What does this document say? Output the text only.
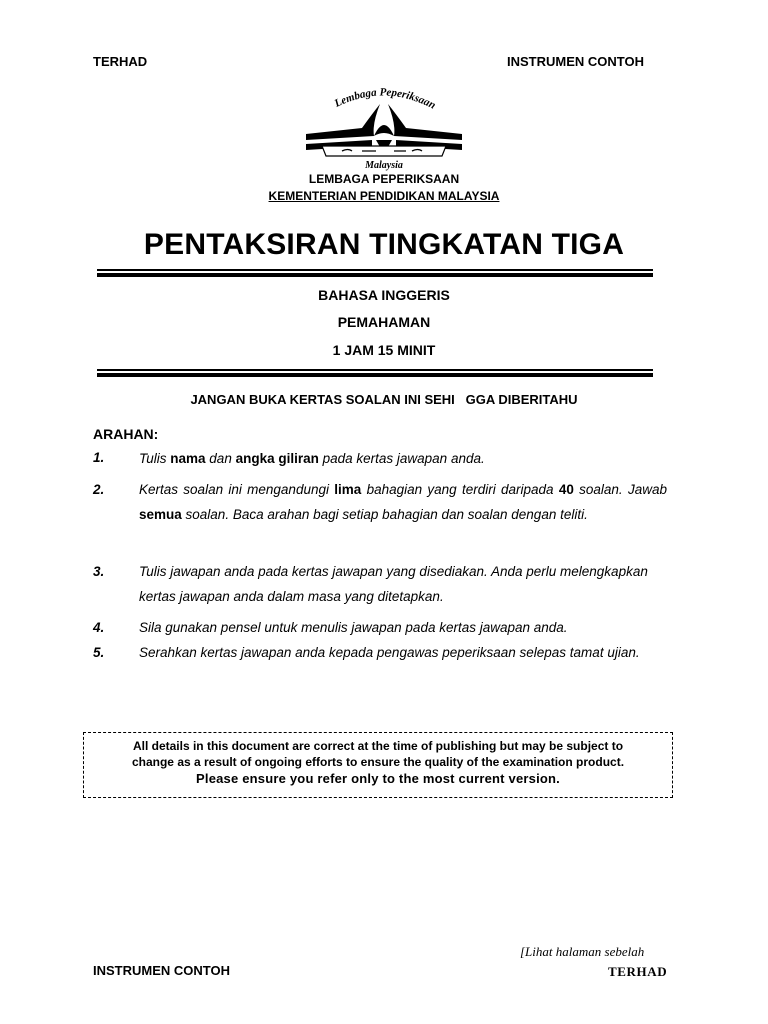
TERHAD	INSTRUMEN CONTOH
Lembaga Peperiksaan
Malaysia
LEMBAGA PEPERIKSAAN
KEMENTERIAN PENDIDIKAN MALAYSIA
PENTAKSIRAN TINGKATAN TIGA
BAHASA INGGERIS
PEMAHAMAN
1 JAM 15 MINIT
JANGAN BUKA KERTAS SOALAN INI SEHI   GGA DIBERITAHU
ARAHAN:
1.	Tulis nama dan angka giliran pada kertas jawapan anda.
2.	Kertas soalan ini mengandungi lima bahagian yang terdiri daripada 40 soalan. Jawab semua soalan. Baca arahan bagi setiap bahagian dan soalan dengan teliti.
3.	Tulis jawapan anda pada kertas jawapan yang disediakan. Anda perlu melengkapkan kertas jawapan anda dalam masa yang ditetapkan.
4.	Sila gunakan pensel untuk menulis jawapan pada kertas jawapan anda.
5.	Serahkan kertas jawapan anda kepada pengawas peperiksaan selepas tamat ujian.
All details in this document are correct at the time of publishing but may be subject to
change as a result of ongoing efforts to ensure the quality of the examination product.
Please ensure you refer only to the most current version.
[Lihat halaman sebelah
INSTRUMEN CONTOH	TERHAD
